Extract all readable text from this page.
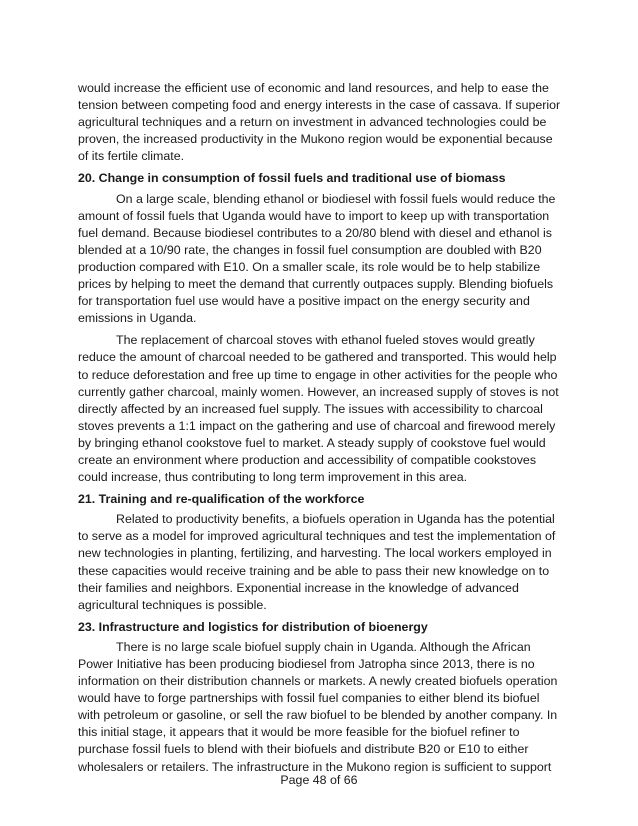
would increase the efficient use of economic and land resources, and help to ease the tension between competing food and energy interests in the case of cassava. If superior agricultural techniques and a return on investment in advanced technologies could be proven, the increased productivity in the Mukono region would be exponential because of its fertile climate.

20. Change in consumption of fossil fuels and traditional use of biomass

On a large scale, blending ethanol or biodiesel with fossil fuels would reduce the amount of fossil fuels that Uganda would have to import to keep up with transportation fuel demand. Because biodiesel contributes to a 20/80 blend with diesel and ethanol is blended at a 10/90 rate, the changes in fossil fuel consumption are doubled with B20 production compared with E10. On a smaller scale, its role would be to help stabilize prices by helping to meet the demand that currently outpaces supply. Blending biofuels for transportation fuel use would have a positive impact on the energy security and emissions in Uganda.

The replacement of charcoal stoves with ethanol fueled stoves would greatly reduce the amount of charcoal needed to be gathered and transported. This would help to reduce deforestation and free up time to engage in other activities for the people who currently gather charcoal, mainly women. However, an increased supply of stoves is not directly affected by an increased fuel supply. The issues with accessibility to charcoal stoves prevents a 1:1 impact on the gathering and use of charcoal and firewood merely by bringing ethanol cookstove fuel to market. A steady supply of cookstove fuel would create an environment where production and accessibility of compatible cookstoves could increase, thus contributing to long term improvement in this area.

21. Training and re-qualification of the workforce

Related to productivity benefits, a biofuels operation in Uganda has the potential to serve as a model for improved agricultural techniques and test the implementation of new technologies in planting, fertilizing, and harvesting. The local workers employed in these capacities would receive training and be able to pass their new knowledge on to their families and neighbors. Exponential increase in the knowledge of advanced agricultural techniques is possible.

23. Infrastructure and logistics for distribution of bioenergy

There is no large scale biofuel supply chain in Uganda. Although the African Power Initiative has been producing biodiesel from Jatropha since 2013, there is no information on their distribution channels or markets. A newly created biofuels operation would have to forge partnerships with fossil fuel companies to either blend its biofuel with petroleum or gasoline, or sell the raw biofuel to be blended by another company. In this initial stage, it appears that it would be more feasible for the biofuel refiner to purchase fossil fuels to blend with their biofuels and distribute B20 or E10 to either wholesalers or retailers. The infrastructure in the Mukono region is sufficient to support

Page 48 of 66
